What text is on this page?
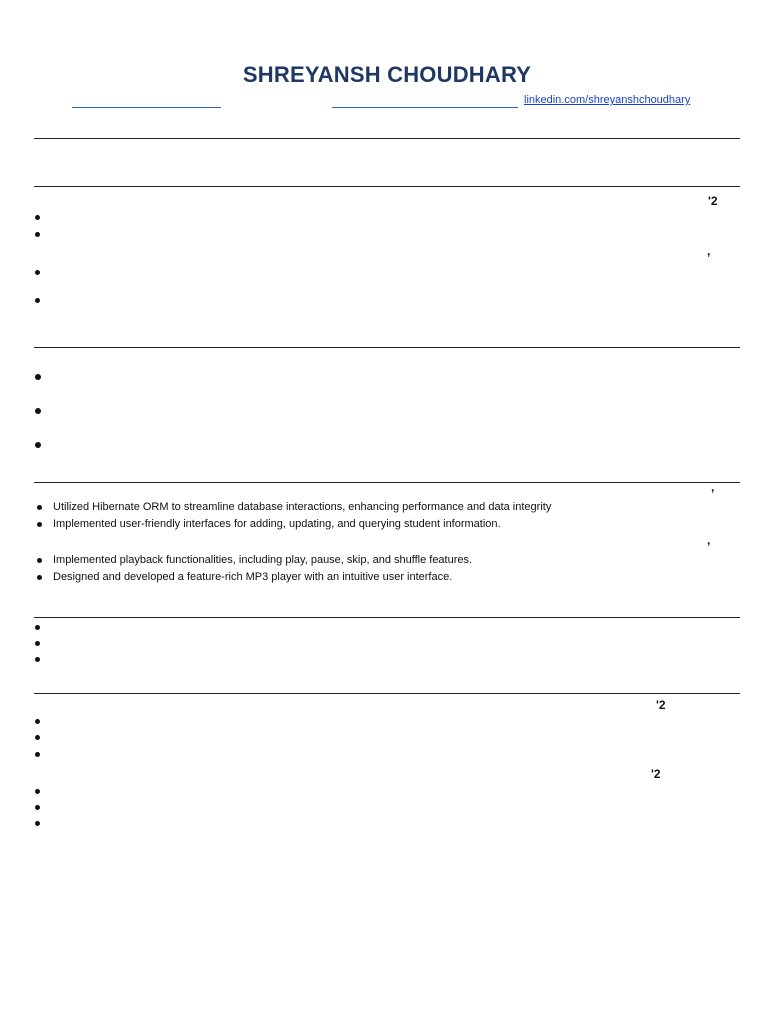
SHREYANSH CHOUDHARY
linkedin.com/shreyanshchoudhary
'2
,
,
Utilized Hibernate ORM to streamline database interactions, enhancing performance and data integrity
Implemented user-friendly interfaces for adding, updating, and querying student information.
,
Implemented playback functionalities, including play, pause, skip, and shuffle features.
Designed and developed a feature-rich MP3 player with an intuitive user interface.
'2
'2
